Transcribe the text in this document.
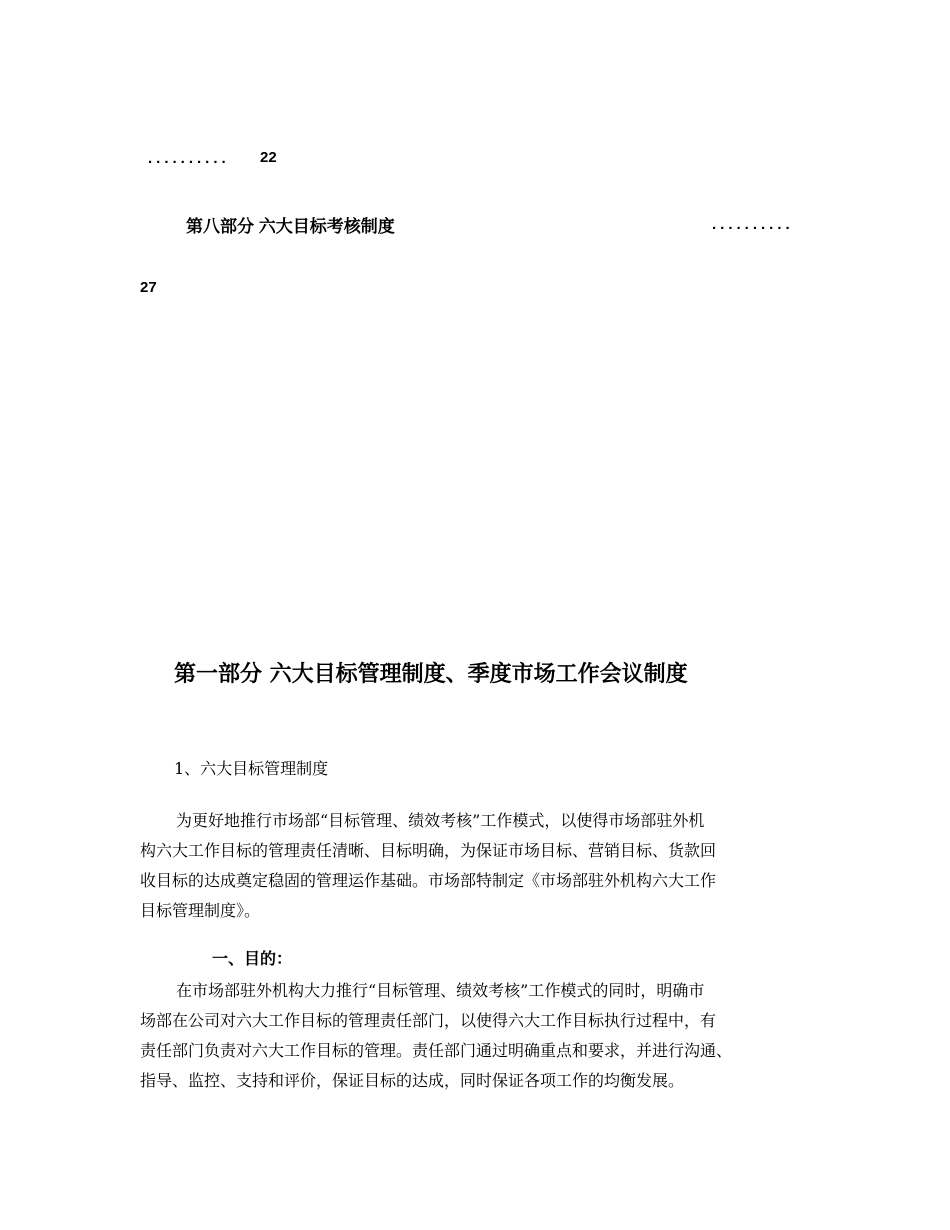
.......... 22
第八部分 六大目标考核制度	..........
27
第一部分 六大目标管理制度、季度市场工作会议制度
1、六大目标管理制度
为更好地推行市场部“目标管理、绩效考核”工作模式，以使得市场部驻外机
构六大工作目标的管理责任清晰、目标明确，为保证市场目标、营销目标、货款回
收目标的达成奠定稳固的管理运作基础。市场部特制定《市场部驻外机构六大工作
目标管理制度》。
一、目的：
在市场部驻外机构大力推行“目标管理、绩效考核”工作模式的同时，明确市
场部在公司对六大工作目标的管理责任部门，以使得六大工作目标执行过程中，有
责任部门负责对六大工作目标的管理。责任部门通过明确重点和要求，并进行沟通、
指导、监控、支持和评价，保证目标的达成，同时保证各项工作的均衡发展。
